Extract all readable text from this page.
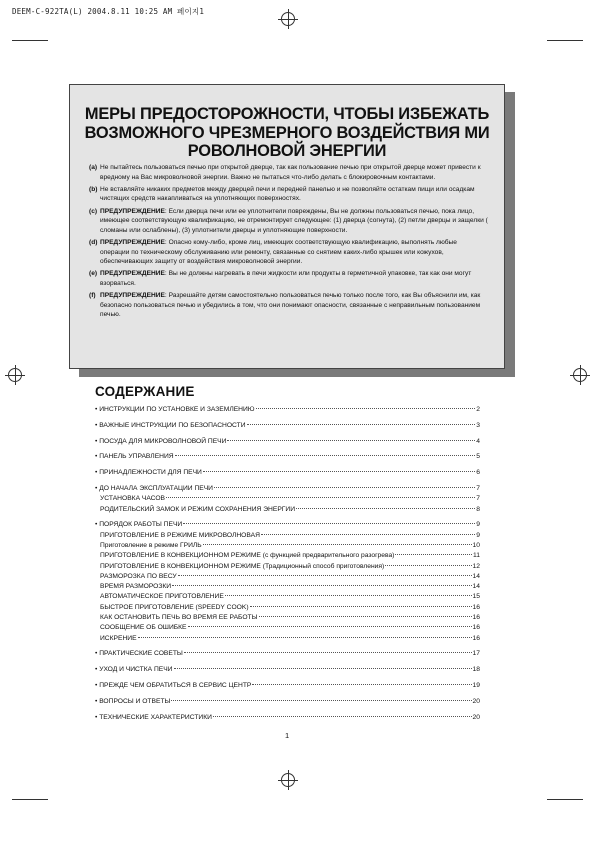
DEEM-C-922TA(L) 2004.8.11 10:25 AM 페이지1
МЕРЫ ПРЕДОСТОРОЖНОСТИ, ЧТОБЫ ИЗБЕЖАТЬ ВОЗМОЖНОГО ЧРЕЗМЕРНОГО ВОЗДЕЙСТВИЯ МИ РОВОЛНОВОЙ ЭНЕРГИИ
(a) Не пытайтесь пользоваться печью при открытой дверце, так как пользование печью при открытой дверце может привести к вредному на Вас микроволновой энергии. Важно не пытаться что-либо делать с блокировочным контактами.
(b) Не вставляйте никаких предметов между дверцей печи и передней панелью и не позволяйте остаткам пищи или осадкам чистящих средств накапливаться на уплотняющих поверхностях.
(c) ПРЕДУПРЕЖДЕНИЕ: Если дверца печи или ее уплотнители повреждены, Вы не должны пользоваться печью, пока лицо, имеющее соответствующую квалификацию, не отремонтирует следующее: (1) дверца (согнута), (2) петли дверцы и защелки ( сломаны или ослаблены), (3) уплотнители дверцы и уплотняющие поверхности.
(d) ПРЕДУПРЕЖДЕНИЕ: Опасно кому-либо, кроме лиц, имеющих соответствующую квалификацию, выполнять любые операции по техническому обслуживанию или ремонту, связанные со снятием каких-либо крышек или кожухов, обеспечивающих защиту от воздействия микроволновой энергии.
(e) ПРЕДУПРЕЖДЕНИЕ: Вы не должны нагревать в печи жидкости или продукты в герметичной упаковке, так как они могут взорваться.
(f) ПРЕДУПРЕЖДЕНИЕ: Разрешайте детям самостоятельно пользоваться печью только после того, как Вы объяснили им, как безопасно пользоваться печью и убедились в том, что они понимают опасности, связанные с неправильным пользованием печью.
СОДЕРЖАНИЕ
• ИНСТРУКЦИИ ПО УСТАНОВКЕ И ЗАЗЕМЛЕНИЮ	2
• ВАЖНЫЕ ИНСТРУКЦИИ ПО БЕЗОПАСНОСТИ	3
• ПОСУДА ДЛЯ МИКРОВОЛНОВОЙ ПЕЧИ	4
• ПАНЕЛЬ УПРАВЛЕНИЯ	5
• ПРИНАДЛЕЖНОСТИ ДЛЯ ПЕЧИ	6
• ДО НАЧАЛА ЭКСПЛУАТАЦИИ ПЕЧИ	7
УСТАНОВКА ЧАСОВ	7
РОДИТЕЛЬСКИЙ ЗАМОК И РЕЖИМ СОХРАНЕНИЯ ЭНЕРГИИ	8
• ПОРЯДОК РАБОТЫ ПЕЧИ	9
ПРИГОТОВЛЕНИЕ В РЕЖИМЕ МИКРОВОЛНОВАЯ	9
Приготовление в режиме ГРИЛЬ	10
ПРИГОТОВЛЕНИЕ В КОНВЕКЦИОННОМ РЕЖИМЕ (с функцией предварительного разогрева)	11
ПРИГОТОВЛЕНИЕ В КОНВЕКЦИОННОМ РЕЖИМЕ (Традиционный способ приготовления)	12
РАЗМОРОЗКА ПО ВЕСУ	14
ВРЕМЯ РАЗМОРОЗКИ	14
АВТОМАТИЧЕСКОЕ ПРИГОТОВЛЕНИЕ	15
БЫСТРОЕ ПРИГОТОВЛЕНИЕ (SPEEDY COOK)	16
КАК ОСТАНОВИТЬ ПЕЧЬ ВО ВРЕМЯ ЕЕ РАБОТЫ	16
СООБЩЕНИЕ ОБ ОШИБКЕ	16
ИСКРЕНИЕ	16
• ПРАКТИЧЕСКИЕ СОВЕТЫ	17
• УХОД И ЧИСТКА ПЕЧИ	18
• ПРЕЖДЕ ЧЕМ ОБРАТИТЬСЯ В СЕРВИС ЦЕНТР	19
• ВОПРОСЫ И ОТВЕТЫ	20
• ТЕХНИЧЕСКИЕ ХАРАКТЕРИСТИКИ	20
1
